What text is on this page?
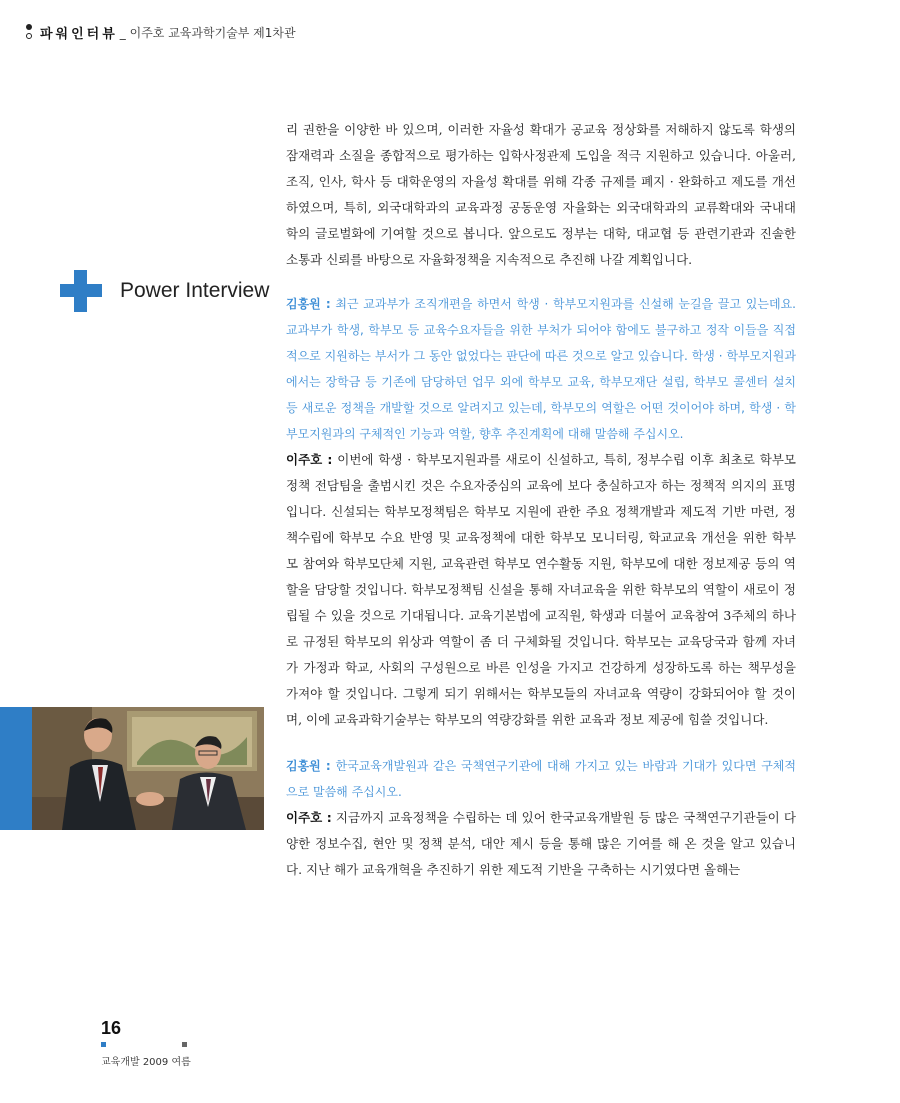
파워인터뷰 _ 이주호 교육과학기술부 제1차관
Power Interview

리 권한을 이양한 바 있으며, 이러한 자율성 확대가 공교육 정상화를 저해하지 않도록 학생의 잠재력과 소질을 종합적으로 평가하는 입학사정관제 도입을 적극 지원하고 있습니다. 아울러, 조직, 인사, 학사 등 대학운영의 자율성 확대를 위해 각종 규제를 폐지 · 완화하고 제도를 개선하였으며, 특히, 외국대학과의 교육과정 공동운영 자율화는 외국대학과의 교류확대와 국내대학의 글로벌화에 기여할 것으로 봅니다. 앞으로도 정부는 대학, 대교협 등 관련기관과 진솔한 소통과 신뢰를 바탕으로 자율화정책을 지속적으로 추진해 나갈 계획입니다.

김홍원 : 최근 교과부가 조직개편을 하면서 학생 · 학부모지원과를 신설해 눈길을 끌고 있는데요. 교과부가 학생, 학부모 등 교육수요자들을 위한 부처가 되어야 함에도 불구하고 정작 이들을 직접적으로 지원하는 부서가 그 동안 없었다는 판단에 따른 것으로 알고 있습니다. 학생 · 학부모지원과에서는 장학금 등 기존에 담당하던 업무 외에 학부모 교육, 학부모재단 설립, 학부모 콜센터 설치 등 새로운 정책을 개발할 것으로 알려지고 있는데, 학부모의 역할은 어떤 것이어야 하며, 학생 · 학부모지원과의 구체적인 기능과 역할, 향후 추진계획에 대해 말씀해 주십시오.

이주호 : 이번에 학생 · 학부모지원과를 새로이 신설하고, 특히, 정부수립 이후 최초로 학부모정책 전담팀을 출범시킨 것은 수요자중심의 교육에 보다 충실하고자 하는 정책적 의지의 표명입니다. 신설되는 학부모정책팀은 학부모 지원에 관한 주요 정책개발과 제도적 기반 마련, 정책수립에 학부모 수요 반영 및 교육정책에 대한 학부모 모니터링, 학교교육 개선을 위한 학부모 참여와 학부모단체 지원, 교육관련 학부모 연수활동 지원, 학부모에 대한 정보제공 등의 역할을 담당할 것입니다. 학부모정책팀 신설을 통해 자녀교육을 위한 학부모의 역할이 새로이 정립될 수 있을 것으로 기대됩니다. 교육기본법에 교직원, 학생과 더불어 교육참여 3주체의 하나로 규정된 학부모의 위상과 역할이 좀 더 구체화될 것입니다. 학부모는 교육당국과 함께 자녀가 가정과 학교, 사회의 구성원으로 바른 인성을 가지고 건강하게 성장하도록 하는 책무성을 가져야 할 것입니다. 그렇게 되기 위해서는 학부모들의 자녀교육 역량이 강화되어야 할 것이며, 이에 교육과학기술부는 학부모의 역량강화를 위한 교육과 정보 제공에 힘쓸 것입니다.

김홍원 : 한국교육개발원과 같은 국책연구기관에 대해 가지고 있는 바람과 기대가 있다면 구체적으로 말씀해 주십시오.

이주호 : 지금까지 교육정책을 수립하는 데 있어 한국교육개발원 등 많은 국책연구기관들이 다양한 정보수집, 현안 및 정책 분석, 대안 제시 등을 통해 많은 기여를 해 온 것을 알고 있습니다. 지난 해가 교육개혁을 추진하기 위한 제도적 기반을 구축하는 시기였다면 올해는

16
교육개발 2009 여름
